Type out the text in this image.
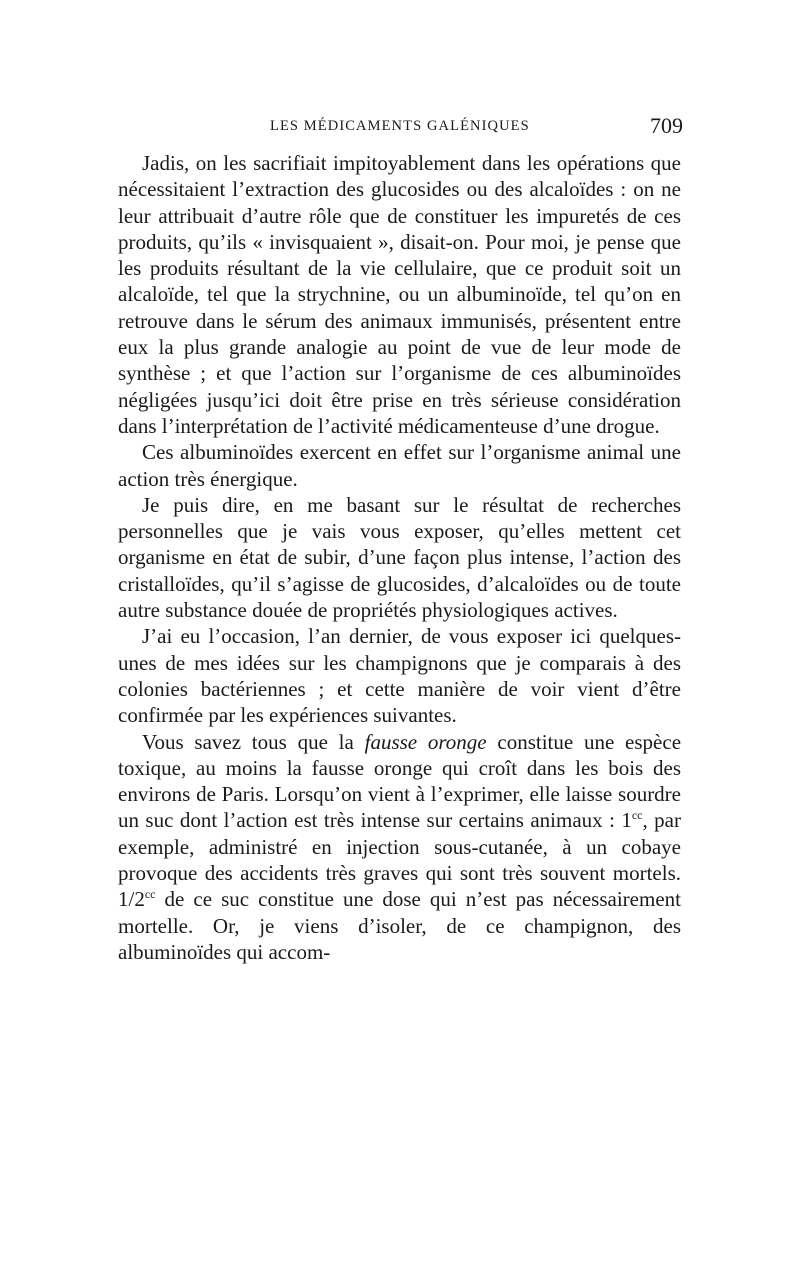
LES MÉDICAMENTS GALÉNIQUES	709

Jadis, on les sacrifiait impitoyablement dans les opérations que nécessitaient l’extraction des glucosides ou des alcaloïdes : on ne leur attribuait d’autre rôle que de constituer les impuretés de ces produits, qu’ils « invisquaient », disait-on. Pour moi, je pense que les produits résultant de la vie cellulaire, que ce produit soit un alcaloïde, tel que la strychnine, ou un albuminoïde, tel qu’on en retrouve dans le sérum des animaux immunisés, présentent entre eux la plus grande analogie au point de vue de leur mode de synthèse ; et que l’action sur l’organisme de ces albuminoïdes négligées jusqu’ici doit être prise en très sérieuse considération dans l’interprétation de l’activité médicamenteuse d’une drogue.

Ces albuminoïdes exercent en effet sur l’organisme animal une action très énergique.

Je puis dire, en me basant sur le résultat de recherches personnelles que je vais vous exposer, qu’elles mettent cet organisme en état de subir, d’une façon plus intense, l’action des cristalloïdes, qu’il s’agisse de glucosides, d’alcaloïdes ou de toute autre substance douée de propriétés physiologiques actives.

J’ai eu l’occasion, l’an dernier, de vous exposer ici quelques-unes de mes idées sur les champignons que je comparais à des colonies bactériennes ; et cette manière de voir vient d’être confirmée par les expériences suivantes.

Vous savez tous que la fausse oronge constitue une espèce toxique, au moins la fausse oronge qui croît dans les bois des environs de Paris. Lorsqu’on vient à l’exprimer, elle laisse sourdre un suc dont l’action est très intense sur certains animaux : $1^{cc}$, par exemple, administré en injection sous-cutanée, à un cobaye provoque des accidents très graves qui sont très souvent mortels. $1/2^{cc}$ de ce suc constitue une dose qui n’est pas nécessairement mortelle. Or, je viens d’isoler, de ce champignon, des albuminoïdes qui accom-
